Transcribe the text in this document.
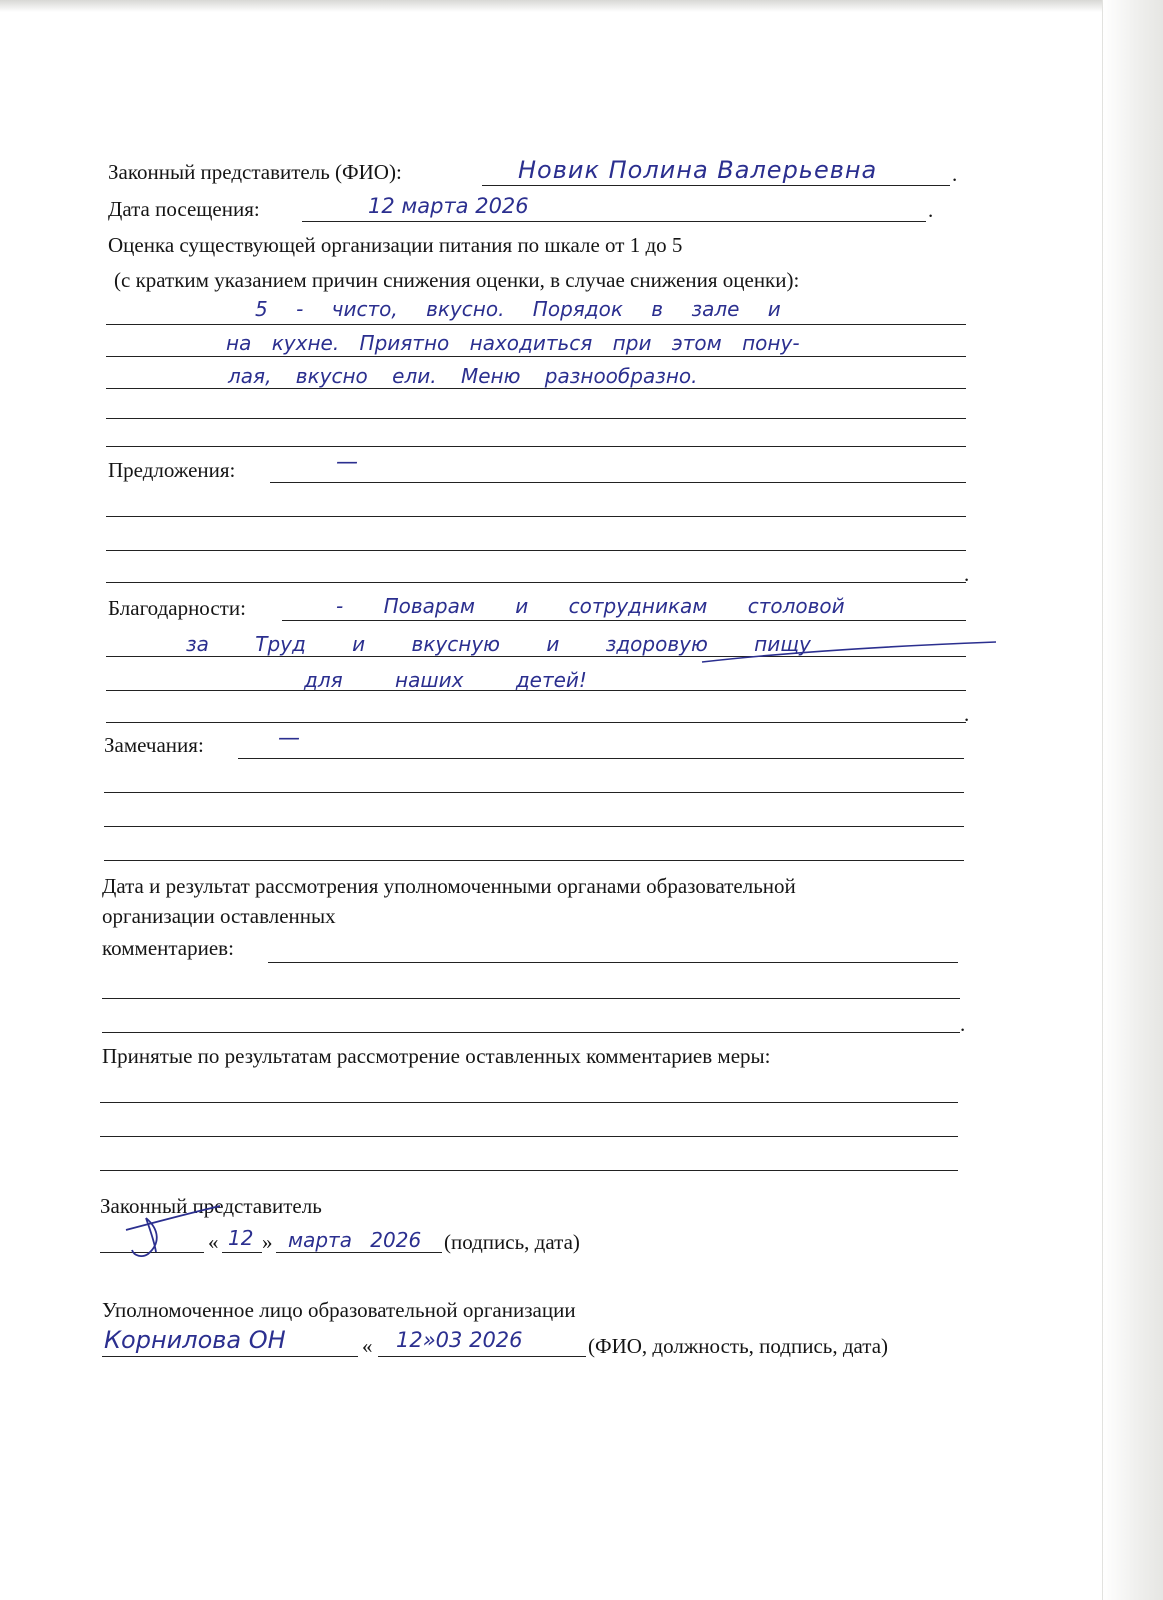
Законный представитель (ФИО):	Новик Полина Валерьевна	.
Дата посещения:	12 марта 2026	.
Оценка существующей организации питания по шкале от 1 до 5
(с кратким указанием причин снижения оценки, в случае снижения оценки):
5 - чисто, вкусно. Порядок в зале и
на кухне. Приятно находиться при этом пону-
лая, вкусно ели. Меню разнообразно.
Предложения:	—
.
Благодарности:	- Поварам и сотрудникам столовой
за Труд и вкусную и здоровую пищу
для наших детей!
.
Замечания:	—
Дата и результат рассмотрения уполномоченными органами образовательной
организации оставленных
комментариев:
.
Принятые по результатам рассмотрение оставленных комментариев меры:
Законный представитель
« 12 » марта 2026 (подпись, дата)
Уполномоченное лицо образовательной организации
Корнилова ОН	« 12»03 2026	(ФИО, должность, подпись, дата)
